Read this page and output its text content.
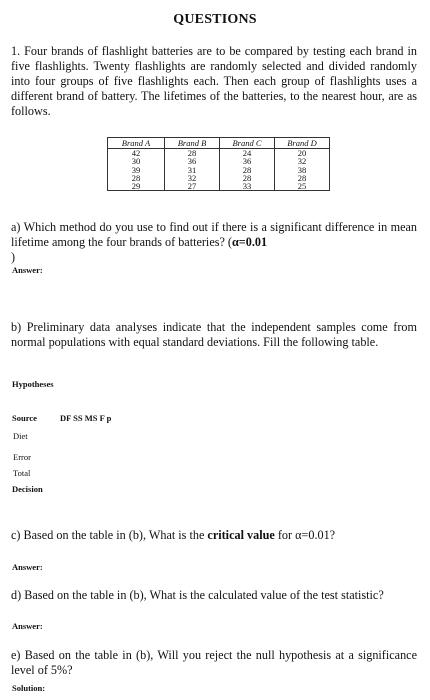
QUESTIONS
1. Four brands of flashlight batteries are to be compared by testing each brand in five flashlights. Twenty flashlights are randomly selected and divided randomly into four groups of five flashlights each. Then each group of flashlights uses a different brand of battery. The lifetimes of the batteries, to the nearest hour, are as follows.
Brand A	Brand B	Brand C	Brand D
42	28	24	20
30	36	36	32
39	31	28	38
28	32	28	28
29	27	33	25
a) Which method do you use to find out if there is a significant difference in mean lifetime among the four brands of batteries? (α=0.01
)
Answer:
b) Preliminary data analyses indicate that the independent samples come from normal populations with equal standard deviations. Fill the following table.
Hypotheses
Source	DF SS MS F p
Diet
Error
Total
Decision
c) Based on the table in (b), What is the critical value for α=0.01?
Answer:
d) Based on the table in (b), What is the calculated value of the test statistic?
Answer:
e) Based on the table in (b), Will you reject the null hypothesis at a significance level of 5%?
Solution:
